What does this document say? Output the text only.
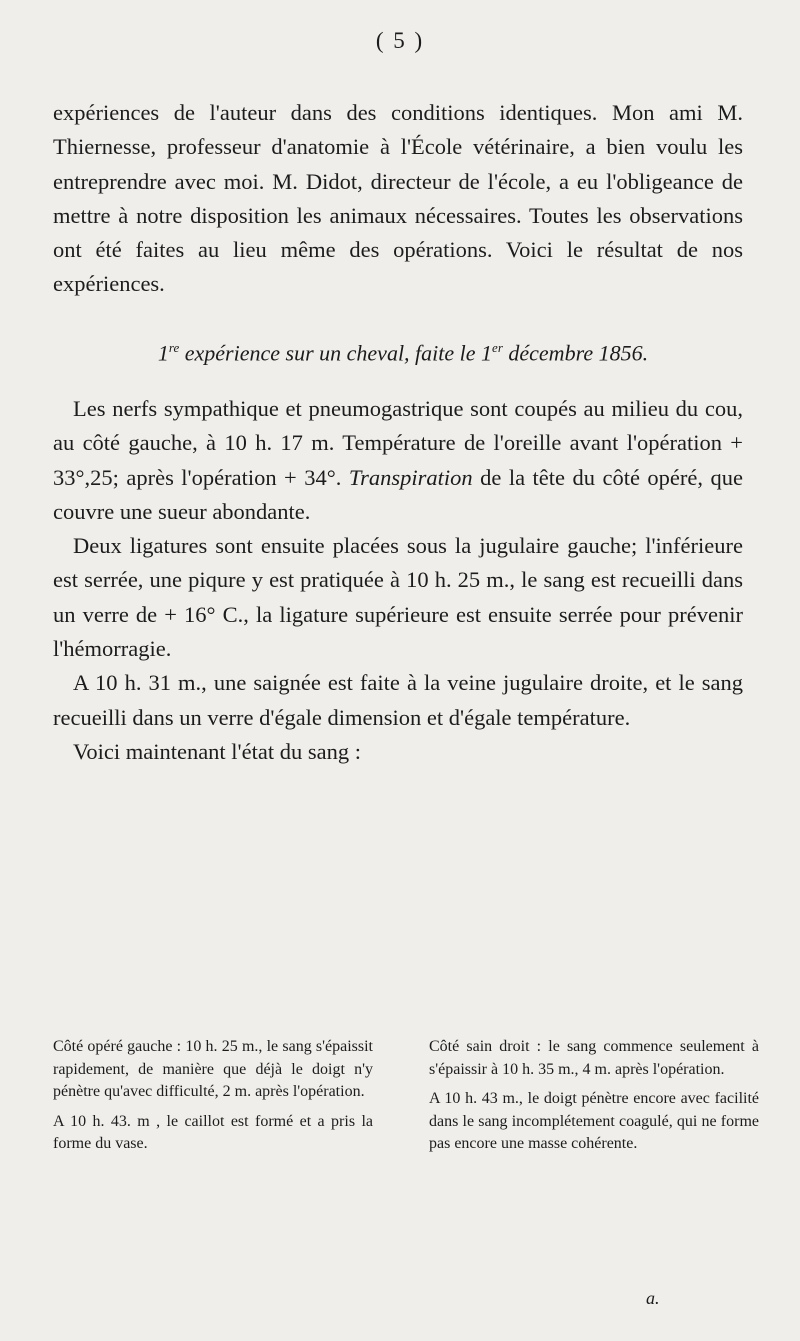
( 5 )

expériences de l'auteur dans des conditions identiques. Mon ami M. Thiernesse, professeur d'anatomie à l'École vétérinaire, a bien voulu les entreprendre avec moi. M. Didot, directeur de l'école, a eu l'obligeance de mettre à notre disposition les animaux nécessaires. Toutes les observations ont été faites au lieu même des opérations. Voici le résultat de nos expériences.

1re expérience sur un cheval, faite le 1er décembre 1856.

Les nerfs sympathique et pneumogastrique sont coupés au milieu du cou, au côté gauche, à 10 h. 17 m. Température de l'oreille avant l'opération + 33°,25; après l'opération + 34°. Transpiration de la tête du côté opéré, que couvre une sueur abondante.

Deux ligatures sont ensuite placées sous la jugulaire gauche; l'inférieure est serrée, une piqure y est pratiquée à 10 h. 25 m., le sang est recueilli dans un verre de + 16° C., la ligature supérieure est ensuite serrée pour prévenir l'hémorragie.

A 10 h. 31 m., une saignée est faite à la veine jugulaire droite, et le sang recueilli dans un verre d'égale dimension et d'égale température.

Voici maintenant l'état du sang :

Côté opéré gauche : 10 h. 25 m., le sang s'épaissit rapidement, de manière que déjà le doigt n'y pénètre qu'avec difficulté, 2 m. après l'opération.

A 10 h. 43. m , le caillot est formé et a pris la forme du vase.

Côté sain droit : le sang commence seulement à s'épaissir à 10 h. 35 m., 4 m. après l'opération.

A 10 h. 43 m., le doigt pénètre encore avec facilité dans le sang incomplétement coagulé, qui ne forme pas encore une masse cohérente.

a.
